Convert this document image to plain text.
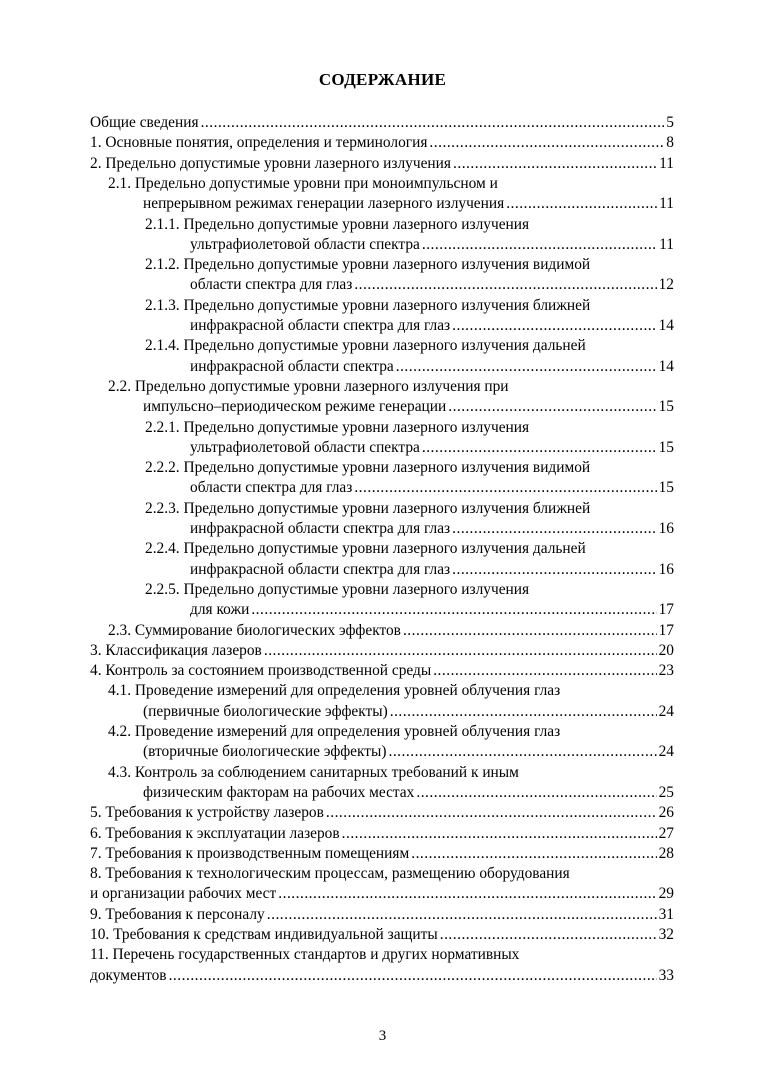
СОДЕРЖАНИЕ
Общие сведения .....	5
1. Основные понятия, определения и терминология .....	8
2. Предельно допустимые уровни лазерного излучения .....	11
2.1. Предельно допустимые уровни при моноимпульсном и
непрерывном режимах генерации лазерного излучения .....	11
2.1.1. Предельно допустимые уровни лазерного излучения
ультрафиолетовой области спектра .....	11
2.1.2. Предельно допустимые уровни лазерного излучения видимой
области спектра для глаз .....	12
2.1.3. Предельно допустимые уровни лазерного излучения ближней
инфракрасной области спектра для глаз .....	14
2.1.4. Предельно допустимые уровни лазерного излучения дальней
инфракрасной области спектра .....	14
2.2. Предельно допустимые уровни лазерного излучения при
импульсно–периодическом режиме генерации .....	15
2.2.1. Предельно допустимые уровни лазерного излучения
ультрафиолетовой области спектра .....	15
2.2.2. Предельно допустимые уровни лазерного излучения видимой
области спектра для глаз .....	15
2.2.3. Предельно допустимые уровни лазерного излучения ближней
инфракрасной области спектра для глаз .....	16
2.2.4. Предельно допустимые уровни лазерного излучения дальней
инфракрасной области спектра для глаз .....	16
2.2.5. Предельно допустимые уровни лазерного излучения
для кожи .....	17
2.3. Суммирование биологических эффектов .....	17
3. Классификация лазеров .....	20
4. Контроль за состоянием производственной среды .....	23
4.1. Проведение измерений для определения уровней облучения глаз
(первичные биологические эффекты) .....	24
4.2. Проведение измерений для определения уровней облучения глаз
(вторичные биологические эффекты) .....	24
4.3. Контроль за соблюдением санитарных требований к иным
физическим факторам на рабочих местах .....	25
5. Требования к устройству лазеров .....	26
6. Требования к эксплуатации лазеров .....	27
7. Требования к производственным помещениям .....	28
8. Требования к технологическим процессам, размещению оборудования
и организации рабочих мест .....	29
9. Требования к персоналу .....	31
10. Требования к средствам индивидуальной защиты .....	32
11. Перечень государственных стандартов и других нормативных
документов .....	33
3
